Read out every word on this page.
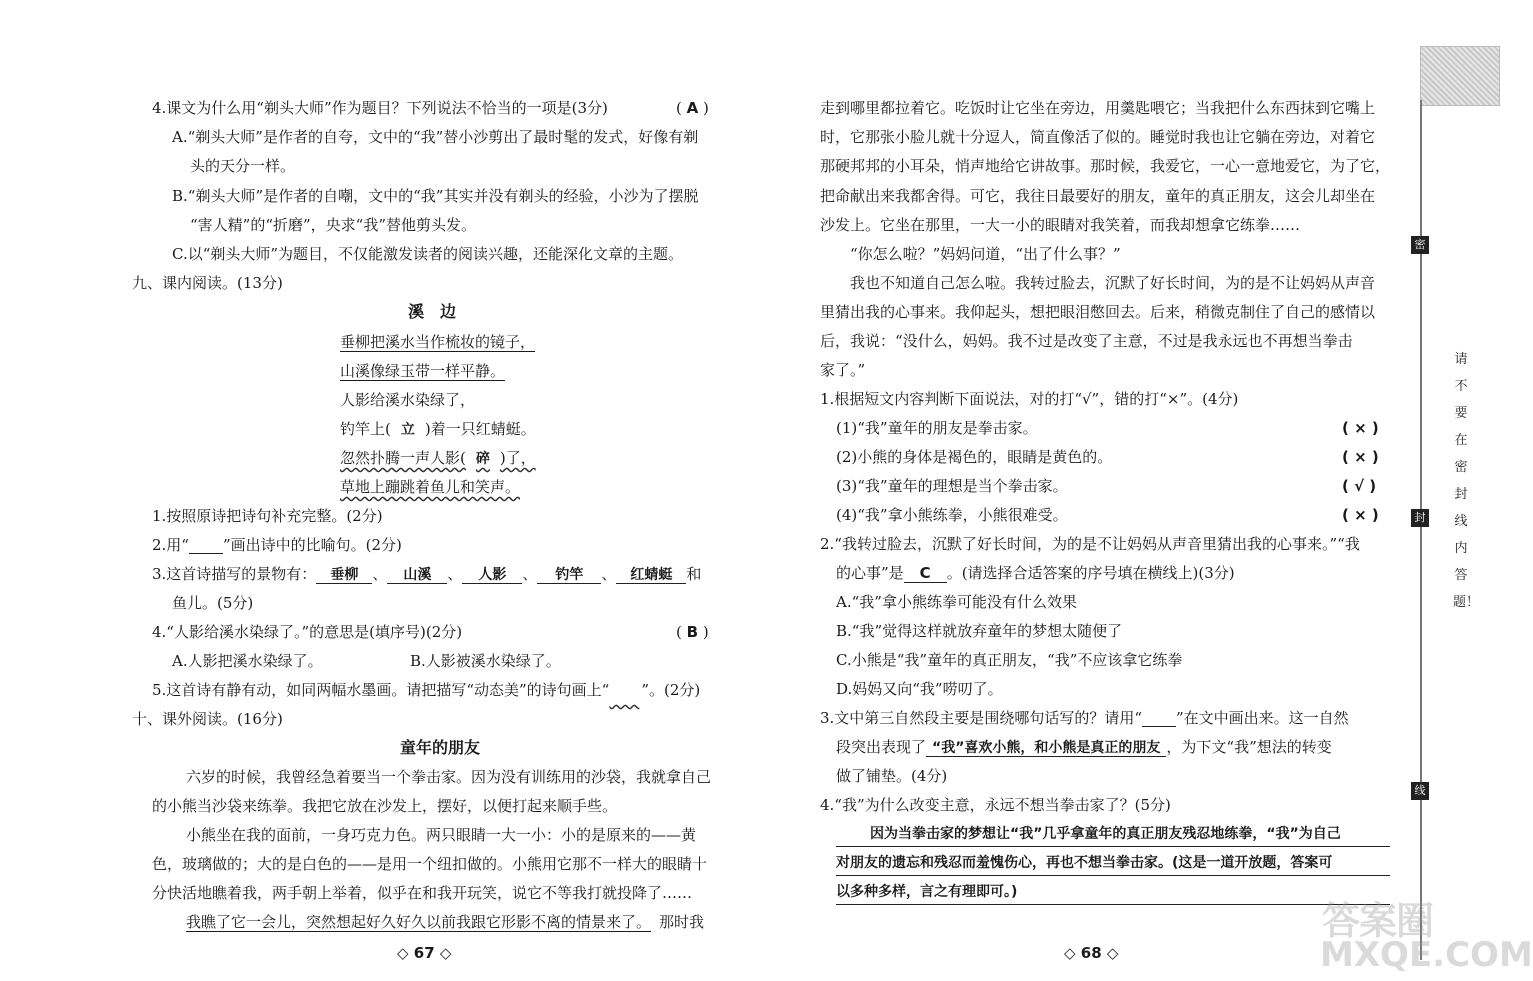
4.课文为什么用“剃头大师”作为题目？下列说法不恰当的一项是(3分)	( A )
A.“剃头大师”是作者的自夸，文中的“我”替小沙剪出了最时髦的发式，好像有剃
头的天分一样。
B.“剃头大师”是作者的自嘲，文中的“我”其实并没有剃头的经验，小沙为了摆脱
“害人精”的“折磨”，央求“我”替他剪头发。
C.以“剃头大师”为题目，不仅能激发读者的阅读兴趣，还能深化文章的主题。
九、课内阅读。(13分)
溪　边
垂柳把溪水当作梳妆的镜子，
山溪像绿玉带一样平静。
人影给溪水染绿了，
钓竿上( 立 )着一只红蜻蜓。
忽然扑腾一声人影( 碎 )了，
草地上蹦跳着鱼儿和笑声。
1.按照原诗把诗句补充完整。(2分)
2.用“ ”画出诗中的比喻句。(2分)
3.这首诗描写的景物有： 垂柳 、 山溪 、 人影 、 钓竿 、 红蜻蜓 和
鱼儿。(5分)
4.“人影给溪水染绿了。”的意思是(填序号)(2分)	( B )
A.人影把溪水染绿了。	B.人影被溪水染绿了。
5.这首诗有静有动，如同两幅水墨画。请把描写“动态美”的诗句画上“　　 ”。(2分)
十、课外阅读。(16分)
童年的朋友
六岁的时候，我曾经急着要当一个拳击家。因为没有训练用的沙袋，我就拿自己
的小熊当沙袋来练拳。我把它放在沙发上，摆好，以便打起来顺手些。
小熊坐在我的面前，一身巧克力色。两只眼睛一大一小：小的是原来的——黄
色，玻璃做的；大的是白色的——是用一个纽扣做的。小熊用它那不一样大的眼睛十
分快活地瞧着我，两手朝上举着，似乎在和我开玩笑，说它不等我打就投降了……
我瞧了它一会儿，突然想起好久好久以前我跟它形影不离的情景来了。 那时我
◇ 67 ◇
走到哪里都拉着它。吃饭时让它坐在旁边，用羹匙喂它；当我把什么东西抹到它嘴上
时，它那张小脸儿就十分逗人，简直像活了似的。睡觉时我也让它躺在旁边，对着它
那硬邦邦的小耳朵，悄声地给它讲故事。那时候，我爱它，一心一意地爱它，为了它，
把命献出来我都舍得。可它，我往日最要好的朋友，童年的真正朋友，这会儿却坐在
沙发上。它坐在那里，一大一小的眼睛对我笑着，而我却想拿它练拳……
“你怎么啦？”妈妈问道，“出了什么事？”
我也不知道自己怎么啦。我转过脸去，沉默了好长时间，为的是不让妈妈从声音
里猜出我的心事来。我仰起头，想把眼泪憋回去。后来，稍微克制住了自己的感情以
后，我说：“没什么，妈妈。我不过是改变了主意，不过是我永远也不再想当拳击
家了。”
1.根据短文内容判断下面说法，对的打“√”，错的打“×”。(4分)
(1)“我”童年的朋友是拳击家。	( × )
(2)小熊的身体是褐色的，眼睛是黄色的。	( × )
(3)“我”童年的理想是当个拳击家。	( √ )
(4)“我”拿小熊练拳，小熊很难受。	( × )
2.“我转过脸去，沉默了好长时间，为的是不让妈妈从声音里猜出我的心事来。”“我
的心事”是 C 。(请选择合适答案的序号填在横线上)(3分)
A.“我”拿小熊练拳可能没有什么效果
B.“我”觉得这样就放弃童年的梦想太随便了
C.小熊是“我”童年的真正朋友，“我”不应该拿它练拳
D.妈妈又向“我”唠叨了。
3.文中第三自然段主要是围绕哪句话写的？请用“ ”在文中画出来。这一自然
段突出表现了 “我”喜欢小熊，和小熊是真正的朋友 ，为下文“我”想法的转变
做了铺垫。(4分)
4.“我”为什么改变主意，永远不想当拳击家了？(5分)
因为当拳击家的梦想让“我”几乎拿童年的真正朋友残忍地练拳，“我”为自己
对朋友的遗忘和残忍而羞愧伤心，再也不想当拳击家。(这是一道开放题，答案可
以多种多样，言之有理即可。)
◇ 68 ◇
密
封
线
请不要在密封线内答题！
答案圈
MXQE.COM
